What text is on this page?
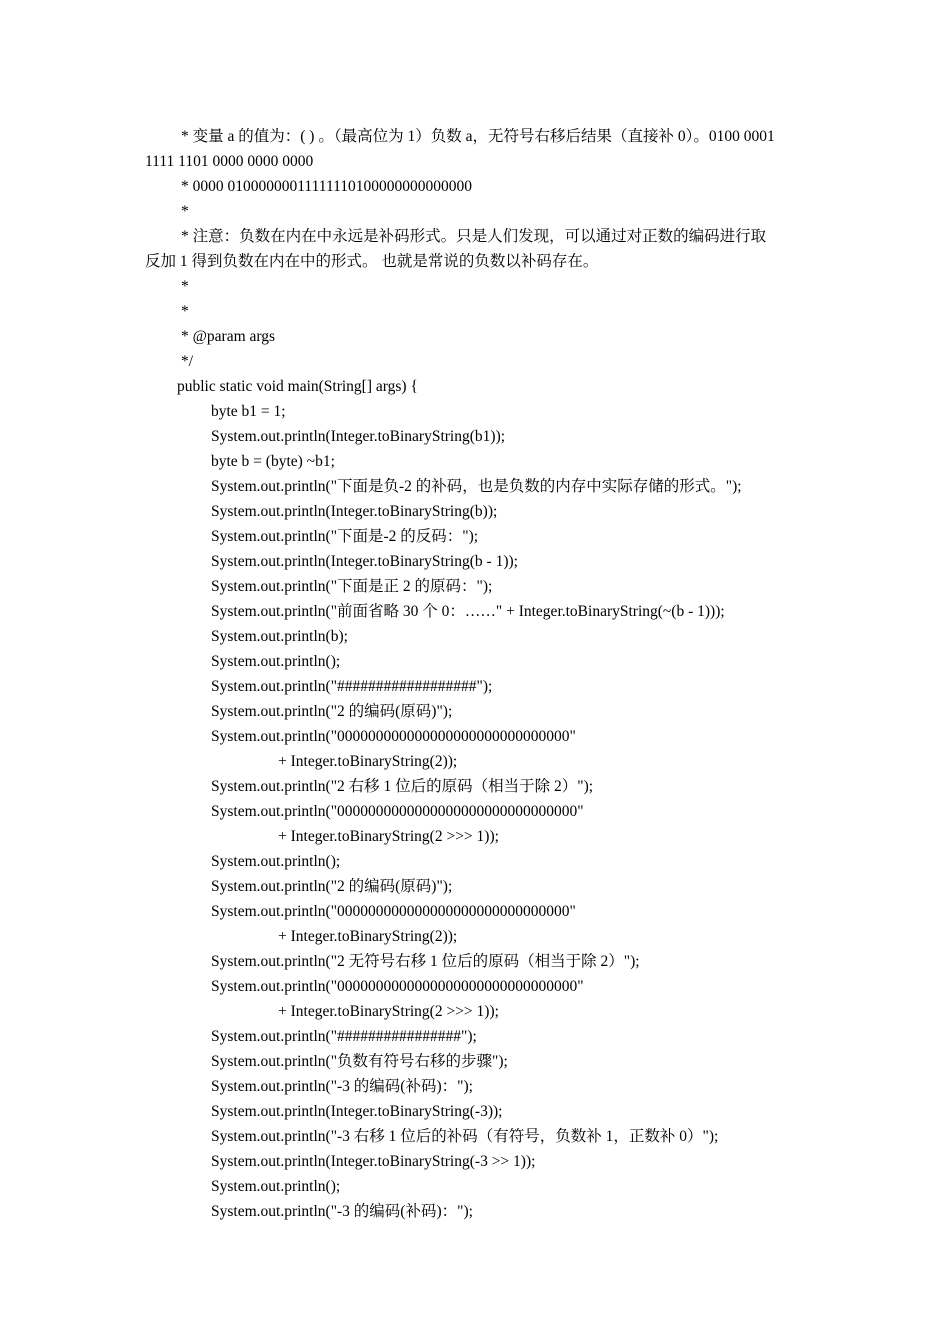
* 变量 a 的值为：( ) 。（最高位为 1）负数 a，无符号右移后结果（直接补 0）。0100 0001
1111 1101 0000 0000 0000
* 0000 01000000011111110100000000000000
*
* 注意：负数在内在中永远是补码形式。只是人们发现，可以通过对正数的编码进行取
反加 1 得到负数在内在中的形式。 也就是常说的负数以补码存在。
*
*
* @param args
*/
public static void main(String[] args) {
byte b1 = 1;
System.out.println(Integer.toBinaryString(b1));
byte b = (byte) ~b1;
System.out.println("下面是负-2 的补码，也是负数的内存中实际存储的形式。");
System.out.println(Integer.toBinaryString(b));
System.out.println("下面是-2 的反码：");
System.out.println(Integer.toBinaryString(b - 1));
System.out.println("下面是正 2 的原码：");
System.out.println("前面省略 30 个 0：……" + Integer.toBinaryString(~(b - 1)));
System.out.println(b);
System.out.println();
System.out.println("##################");
System.out.println("2 的编码(原码)");
System.out.println("000000000000000000000000000000"
+ Integer.toBinaryString(2));
System.out.println("2 右移 1 位后的原码（相当于除 2）");
System.out.println("0000000000000000000000000000000"
+ Integer.toBinaryString(2 >>> 1));
System.out.println();
System.out.println("2 的编码(原码)");
System.out.println("000000000000000000000000000000"
+ Integer.toBinaryString(2));
System.out.println("2 无符号右移 1 位后的原码（相当于除 2）");
System.out.println("0000000000000000000000000000000"
+ Integer.toBinaryString(2 >>> 1));
System.out.println("################");
System.out.println("负数有符号右移的步骤");
System.out.println("-3 的编码(补码)：");
System.out.println(Integer.toBinaryString(-3));
System.out.println("-3 右移 1 位后的补码（有符号，负数补 1，正数补 0）");
System.out.println(Integer.toBinaryString(-3 >> 1));
System.out.println();
System.out.println("-3 的编码(补码)：");
